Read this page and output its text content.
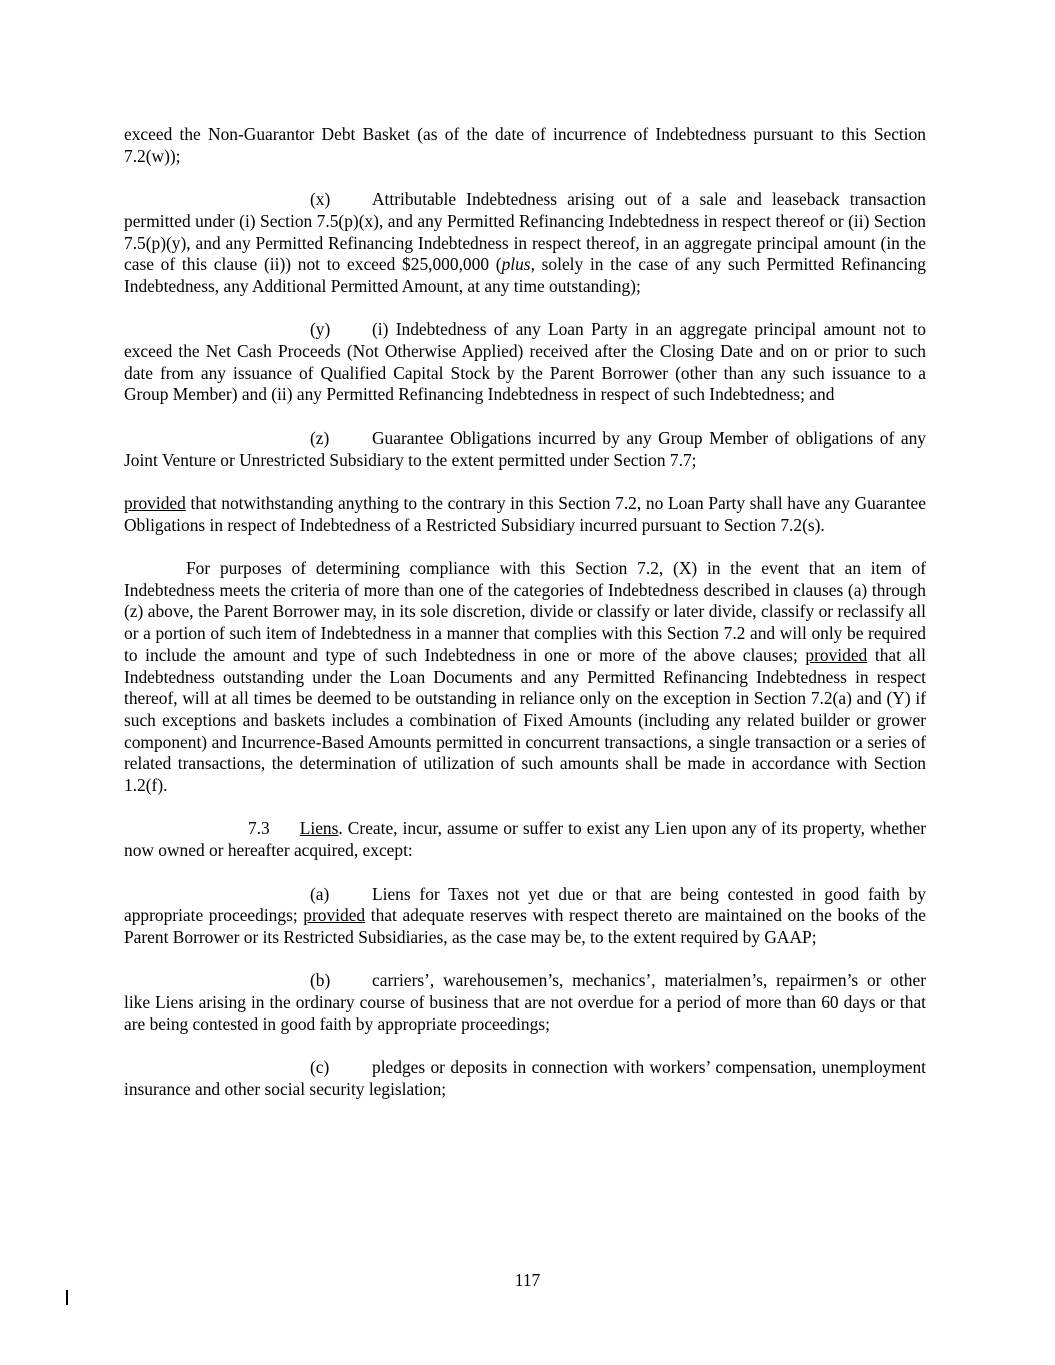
exceed the Non-Guarantor Debt Basket (as of the date of incurrence of Indebtedness pursuant to this Section 7.2(w));

(x) Attributable Indebtedness arising out of a sale and leaseback transaction permitted under (i) Section 7.5(p)(x), and any Permitted Refinancing Indebtedness in respect thereof or (ii) Section 7.5(p)(y), and any Permitted Refinancing Indebtedness in respect thereof, in an aggregate principal amount (in the case of this clause (ii)) not to exceed $25,000,000 (plus, solely in the case of any such Permitted Refinancing Indebtedness, any Additional Permitted Amount, at any time outstanding);

(y) (i) Indebtedness of any Loan Party in an aggregate principal amount not to exceed the Net Cash Proceeds (Not Otherwise Applied) received after the Closing Date and on or prior to such date from any issuance of Qualified Capital Stock by the Parent Borrower (other than any such issuance to a Group Member) and (ii) any Permitted Refinancing Indebtedness in respect of such Indebtedness; and

(z) Guarantee Obligations incurred by any Group Member of obligations of any Joint Venture or Unrestricted Subsidiary to the extent permitted under Section 7.7;

provided that notwithstanding anything to the contrary in this Section 7.2, no Loan Party shall have any Guarantee Obligations in respect of Indebtedness of a Restricted Subsidiary incurred pursuant to Section 7.2(s).

For purposes of determining compliance with this Section 7.2, (X) in the event that an item of Indebtedness meets the criteria of more than one of the categories of Indebtedness described in clauses (a) through (z) above, the Parent Borrower may, in its sole discretion, divide or classify or later divide, classify or reclassify all or a portion of such item of Indebtedness in a manner that complies with this Section 7.2 and will only be required to include the amount and type of such Indebtedness in one or more of the above clauses; provided that all Indebtedness outstanding under the Loan Documents and any Permitted Refinancing Indebtedness in respect thereof, will at all times be deemed to be outstanding in reliance only on the exception in Section 7.2(a) and (Y) if such exceptions and baskets includes a combination of Fixed Amounts (including any related builder or grower component) and Incurrence-Based Amounts permitted in concurrent transactions, a single transaction or a series of related transactions, the determination of utilization of such amounts shall be made in accordance with Section 1.2(f).

7.3 Liens. Create, incur, assume or suffer to exist any Lien upon any of its property, whether now owned or hereafter acquired, except:

(a) Liens for Taxes not yet due or that are being contested in good faith by appropriate proceedings; provided that adequate reserves with respect thereto are maintained on the books of the Parent Borrower or its Restricted Subsidiaries, as the case may be, to the extent required by GAAP;

(b) carriers’, warehousemen’s, mechanics’, materialmen’s, repairmen’s or other like Liens arising in the ordinary course of business that are not overdue for a period of more than 60 days or that are being contested in good faith by appropriate proceedings;

(c) pledges or deposits in connection with workers’ compensation, unemployment insurance and other social security legislation;

117
